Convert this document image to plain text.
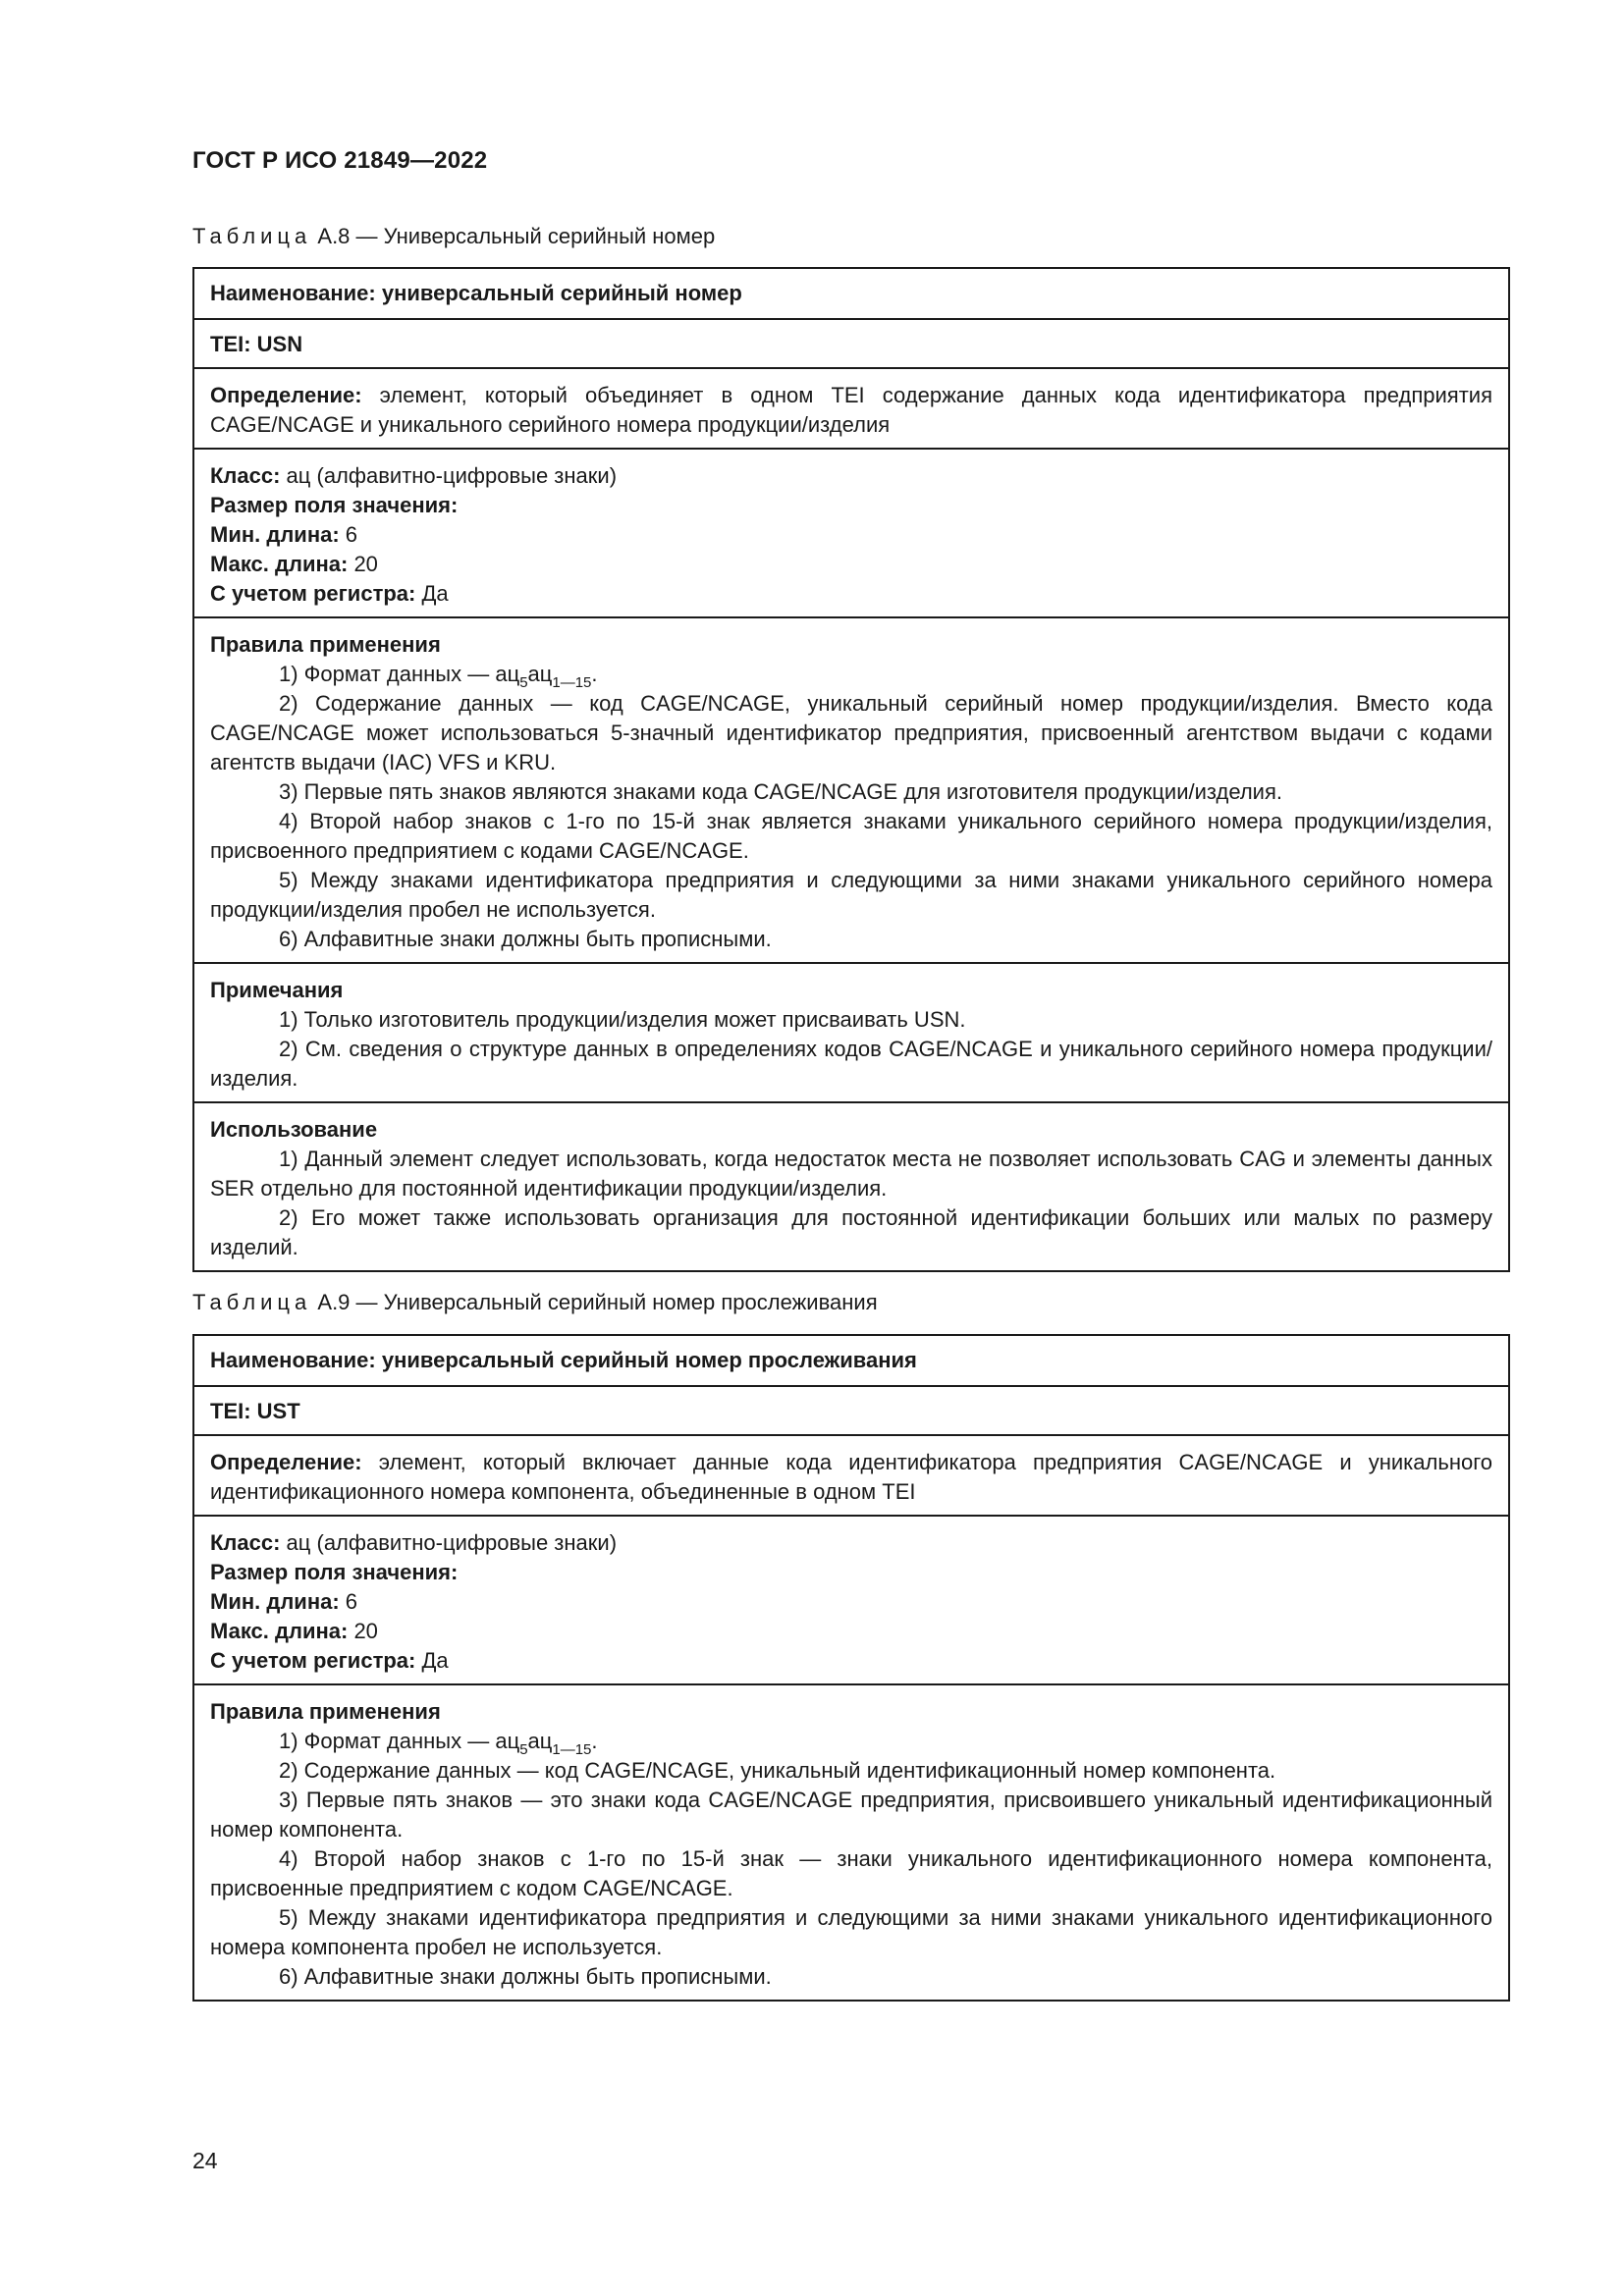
ГОСТ Р ИСО 21849—2022
Таблица А.8 — Универсальный серийный номер
Наименование: универсальный серийный номер
TEI: USN

Определение: элемент, который объединяет в одном TEI содержание данных кода идентификатора предприятия CAGE/NCAGE и уникального серийного номера продукции/изделия

Класс: ац (алфавитно-цифровые знаки)
Размер поля значения:
Мин. длина: 6
Макс. длина: 20
С учетом регистра: Да
Правила применения

1) Формат данных — $ац_5ац_{1—15}$.

2) Содержание данных — код CAGE/NCAGE, уникальный серийный номер продукции/изделия. Вместо кода CAGE/NCAGE может использоваться 5-значный идентификатор предприятия, присвоенный агентством выдачи с кодами агентств выдачи (IAC) VFS и KRU.

3) Первые пять знаков являются знаками кода CAGE/NCAGE для изготовителя продукции/изделия.

4) Второй набор знаков с 1-го по 15-й знак является знаками уникального серийного номера продукции/изделия, присвоенного предприятием с кодами CAGE/NCAGE.

5) Между знаками идентификатора предприятия и следующими за ними знаками уникального серийного номера продукции/изделия пробел не используется.

6) Алфавитные знаки должны быть прописными.

Примечания

1) Только изготовитель продукции/изделия может присваивать USN.

2) См. сведения о структуре данных в определениях кодов CAGE/NCAGE и уникального серийного номера продукции/изделия.

Использование

1) Данный элемент следует использовать, когда недостаток места не позволяет использовать CAG и элементы данных SER отдельно для постоянной идентификации продукции/изделия.

2) Его может также использовать организация для постоянной идентификации больших или малых по размеру изделий.

Таблица А.9 — Универсальный серийный номер прослеживания
Наименование: универсальный серийный номер прослеживания
TEI: UST

Определение: элемент, который включает данные кода идентификатора предприятия CAGE/NCAGE и уникального идентификационного номера компонента, объединенные в одном TEI

Класс: ац (алфавитно-цифровые знаки)
Размер поля значения:
Мин. длина: 6
Макс. длина: 20
С учетом регистра: Да
Правила применения

1) Формат данных — $ац_5ац_{1—15}$.

2) Содержание данных — код CAGE/NCAGE, уникальный идентификационный номер компонента.

3) Первые пять знаков — это знаки кода CAGE/NCAGE предприятия, присвоившего уникальный идентификационный номер компонента.

4) Второй набор знаков с 1-го по 15-й знак — знаки уникального идентификационного номера компонента, присвоенные предприятием с кодом CAGE/NCAGE.

5) Между знаками идентификатора предприятия и следующими за ними знаками уникального идентификационного номера компонента пробел не используется.

6) Алфавитные знаки должны быть прописными.

24
